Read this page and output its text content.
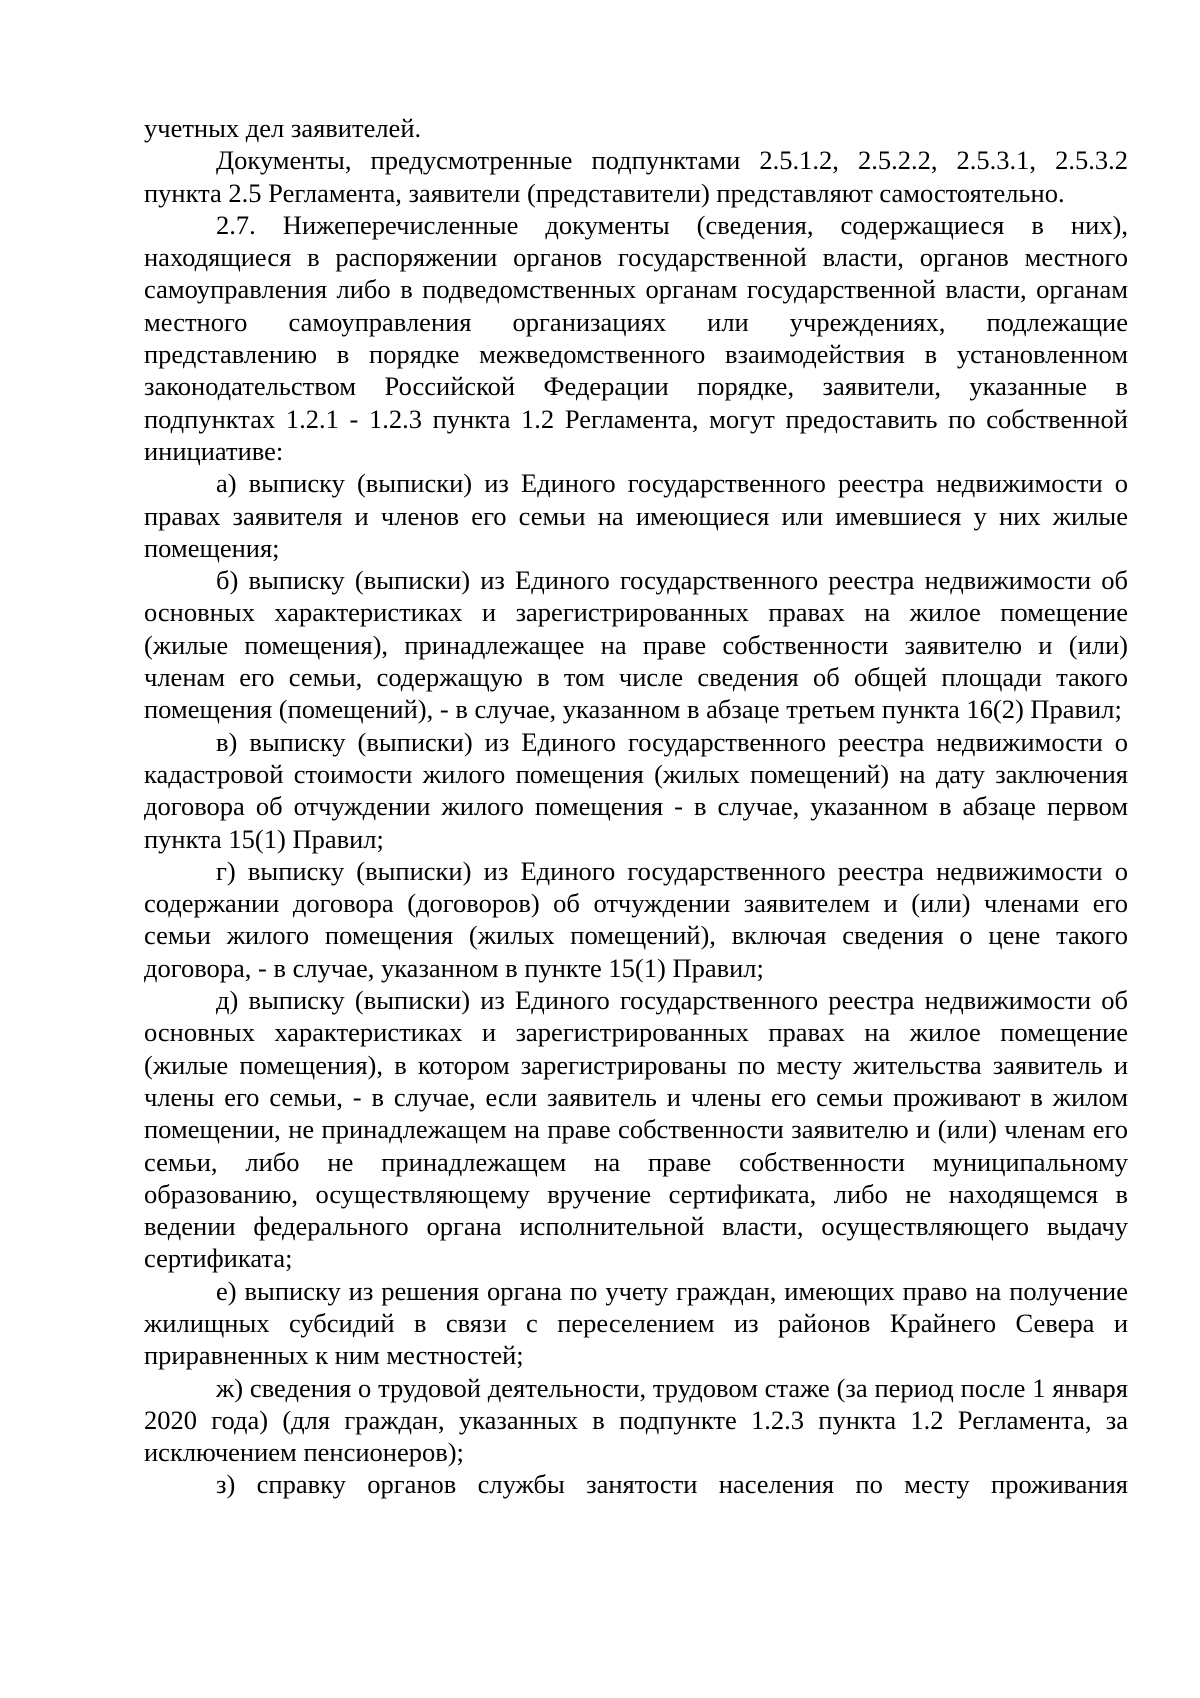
учетных дел заявителей.

Документы, предусмотренные подпунктами 2.5.1.2, 2.5.2.2, 2.5.3.1, 2.5.3.2 пункта 2.5 Регламента, заявители (представители) представляют самостоятельно.

2.7. Нижеперечисленные документы (сведения, содержащиеся в них), находящиеся в распоряжении органов государственной власти, органов местного самоуправления либо в подведомственных органам государственной власти, органам местного самоуправления организациях или учреждениях, подлежащие представлению в порядке межведомственного взаимодействия в установленном законодательством Российской Федерации порядке, заявители, указанные в подпунктах 1.2.1 - 1.2.3 пункта 1.2 Регламента, могут предоставить по собственной инициативе:

а) выписку (выписки) из Единого государственного реестра недвижимости о правах заявителя и членов его семьи на имеющиеся или имевшиеся у них жилые помещения;

б) выписку (выписки) из Единого государственного реестра недвижимости об основных характеристиках и зарегистрированных правах на жилое помещение (жилые помещения), принадлежащее на праве собственности заявителю и (или) членам его семьи, содержащую в том числе сведения об общей площади такого помещения (помещений), - в случае, указанном в абзаце третьем пункта 16(2) Правил;

в) выписку (выписки) из Единого государственного реестра недвижимости о кадастровой стоимости жилого помещения (жилых помещений) на дату заключения договора об отчуждении жилого помещения - в случае, указанном в абзаце первом пункта 15(1) Правил;

г) выписку (выписки) из Единого государственного реестра недвижимости о содержании договора (договоров) об отчуждении заявителем и (или) членами его семьи жилого помещения (жилых помещений), включая сведения о цене такого договора, - в случае, указанном в пункте 15(1) Правил;

д) выписку (выписки) из Единого государственного реестра недвижимости об основных характеристиках и зарегистрированных правах на жилое помещение (жилые помещения), в котором зарегистрированы по месту жительства заявитель и члены его семьи, - в случае, если заявитель и члены его семьи проживают в жилом помещении, не принадлежащем на праве собственности заявителю и (или) членам его семьи, либо не принадлежащем на праве собственности муниципальному образованию, осуществляющему вручение сертификата, либо не находящемся в ведении федерального органа исполнительной власти, осуществляющего выдачу сертификата;

е) выписку из решения органа по учету граждан, имеющих право на получение жилищных субсидий в связи с переселением из районов Крайнего Севера и приравненных к ним местностей;

ж) сведения о трудовой деятельности, трудовом стаже (за период после 1 января 2020 года) (для граждан, указанных в подпункте 1.2.3 пункта 1.2 Регламента, за исключением пенсионеров);

з) справку органов службы занятости населения по месту проживания
